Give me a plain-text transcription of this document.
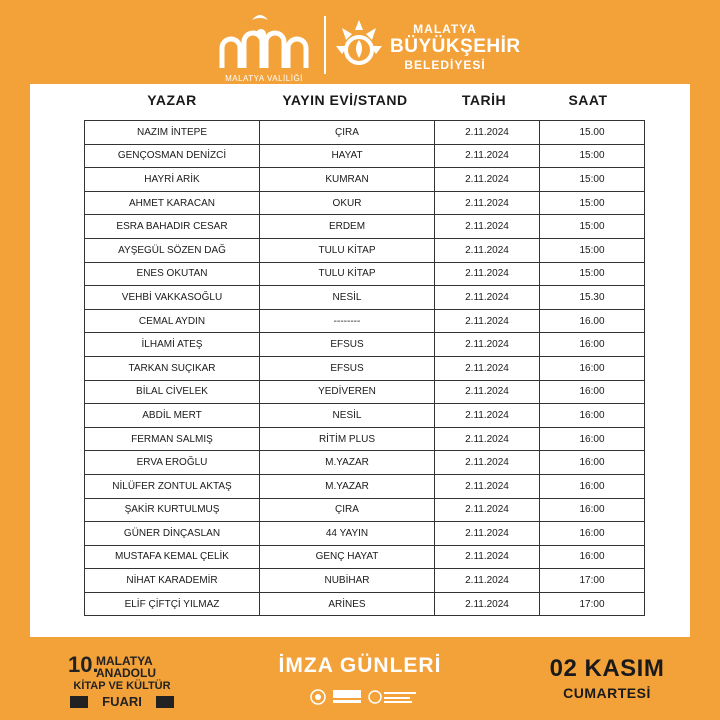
MALATYA VALİLİĞİ
MALATYA
BÜYÜKŞEHİR
BELEDİYESİ
YAZAR	YAYIN EVİ/STAND	TARİH	SAAT
NAZIM İNTEPE	ÇIRA	2.11.2024	15.00
GENÇOSMAN DENİZCİ	HAYAT	2.11.2024	15:00
HAYRİ ARİK	KUMRAN	2.11.2024	15:00
AHMET KARACAN	OKUR	2.11.2024	15:00
ESRA BAHADIR CESAR	ERDEM	2.11.2024	15:00
AYŞEGÜL SÖZEN DAĞ	TULU KİTAP	2.11.2024	15:00
ENES OKUTAN	TULU KİTAP	2.11.2024	15:00
VEHBİ VAKKASOĞLU	NESİL	2.11.2024	15.30
CEMAL AYDIN	--------	2.11.2024	16.00
İLHAMİ ATEŞ	EFSUS	2.11.2024	16:00
TARKAN SUÇIKAR	EFSUS	2.11.2024	16:00
BİLAL CİVELEK	YEDİVEREN	2.11.2024	16:00
ABDİL MERT	NESİL	2.11.2024	16:00
FERMAN SALMIŞ	RİTİM PLUS	2.11.2024	16:00
ERVA EROĞLU	M.YAZAR	2.11.2024	16:00
NİLÜFER ZONTUL AKTAŞ	M.YAZAR	2.11.2024	16:00
ŞAKİR KURTULMUŞ	ÇIRA	2.11.2024	16:00
GÜNER DİNÇASLAN	44 YAYIN	2.11.2024	16:00
MUSTAFA KEMAL ÇELİK	GENÇ HAYAT	2.11.2024	16:00
NİHAT KARADEMİR	NUBİHAR	2.11.2024	17:00
ELİF ÇİFTÇİ YILMAZ	ARİNES	2.11.2024	17:00
10.
MALATYA
ANADOLU
KİTAP VE KÜLTÜR
FUARI
İMZA GÜNLERİ	02 KASIM
CUMARTESİ
